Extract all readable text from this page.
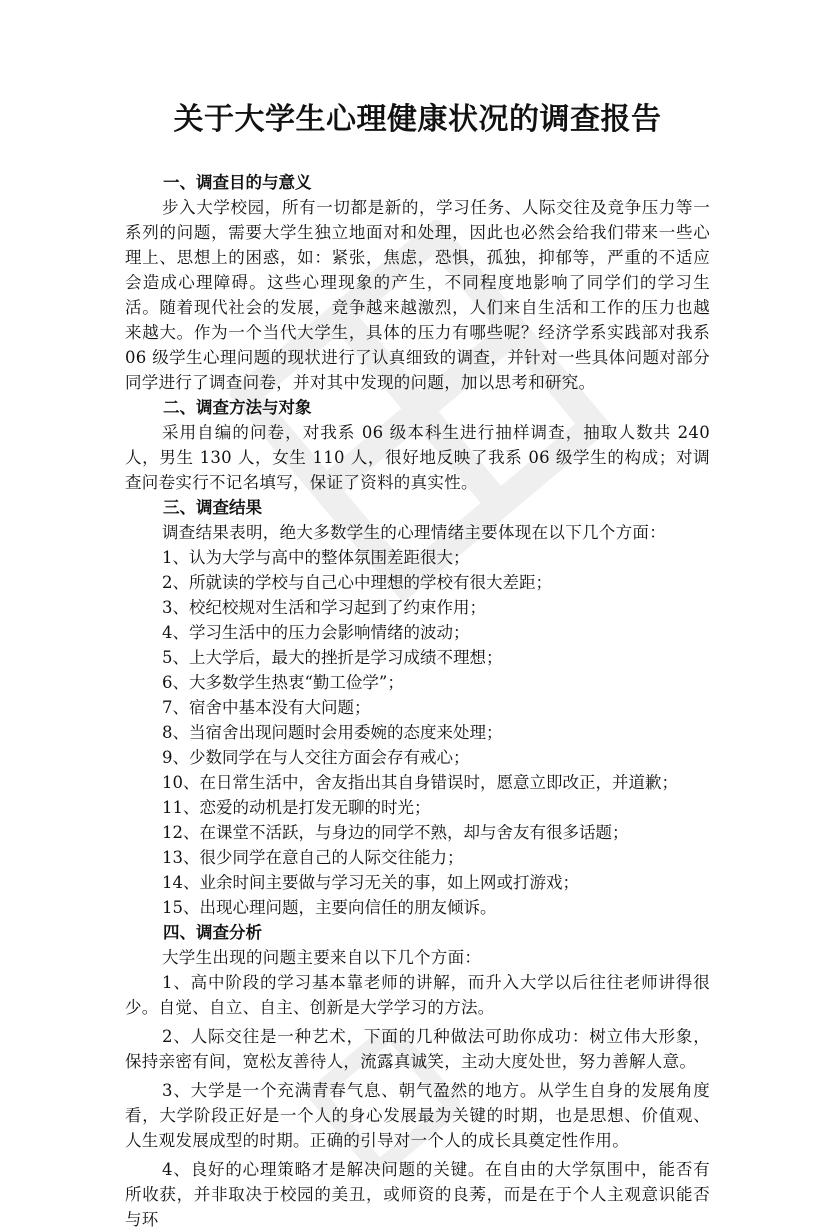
关于大学生心理健康状况的调查报告
一、调查目的与意义

步入大学校园，所有一切都是新的，学习任务、人际交往及竞争压力等一系列的问题，需要大学生独立地面对和处理，因此也必然会给我们带来一些心理上、思想上的困惑，如：紧张，焦虑，恐惧，孤独，抑郁等，严重的不适应会造成心理障碍。这些心理现象的产生，不同程度地影响了同学们的学习生活。随着现代社会的发展，竞争越来越激烈，人们来自生活和工作的压力也越来越大。作为一个当代大学生，具体的压力有哪些呢？经济学系实践部对我系 06 级学生心理问题的现状进行了认真细致的调查，并针对一些具体问题对部分同学进行了调查问卷，并对其中发现的问题，加以思考和研究。

二、调查方法与对象

采用自编的问卷，对我系 06 级本科生进行抽样调查，抽取人数共 240 人，男生 130 人，女生 110 人，很好地反映了我系 06 级学生的构成；对调查问卷实行不记名填写，保证了资料的真实性。

三、调查结果

调查结果表明，绝大多数学生的心理情绪主要体现在以下几个方面：

1、认为大学与高中的整体氛围差距很大；
2、所就读的学校与自己心中理想的学校有很大差距；
3、校纪校规对生活和学习起到了约束作用；
4、学习生活中的压力会影响情绪的波动；
5、上大学后，最大的挫折是学习成绩不理想；
6、大多数学生热衷“勤工俭学”；
7、宿舍中基本没有大问题；
8、当宿舍出现问题时会用委婉的态度来处理；
9、少数同学在与人交往方面会存有戒心；
10、在日常生活中，舍友指出其自身错误时，愿意立即改正，并道歉；
11、恋爱的动机是打发无聊的时光；
12、在课堂不活跃，与身边的同学不熟，却与舍友有很多话题；
13、很少同学在意自己的人际交往能力；
14、业余时间主要做与学习无关的事，如上网或打游戏；
15、出现心理问题，主要向信任的朋友倾诉。
四、调查分析

大学生出现的问题主要来自以下几个方面：

1、高中阶段的学习基本靠老师的讲解，而升入大学以后往往老师讲得很少。自觉、自立、自主、创新是大学学习的方法。

2、人际交往是一种艺术，下面的几种做法可助你成功：树立伟大形象，保持亲密有间，宽松友善待人，流露真诚笑，主动大度处世，努力善解人意。

3、大学是一个充满青春气息、朝气盈然的地方。从学生自身的发展角度看，大学阶段正好是一个人的身心发展最为关键的时期，也是思想、价值观、人生观发展成型的时期。正确的引导对一个人的成长具奠定性作用。

4、良好的心理策略才是解决问题的关键。在自由的大学氛围中，能否有所收获，并非取决于校园的美丑，或师资的良莠，而是在于个人主观意识能否与环
